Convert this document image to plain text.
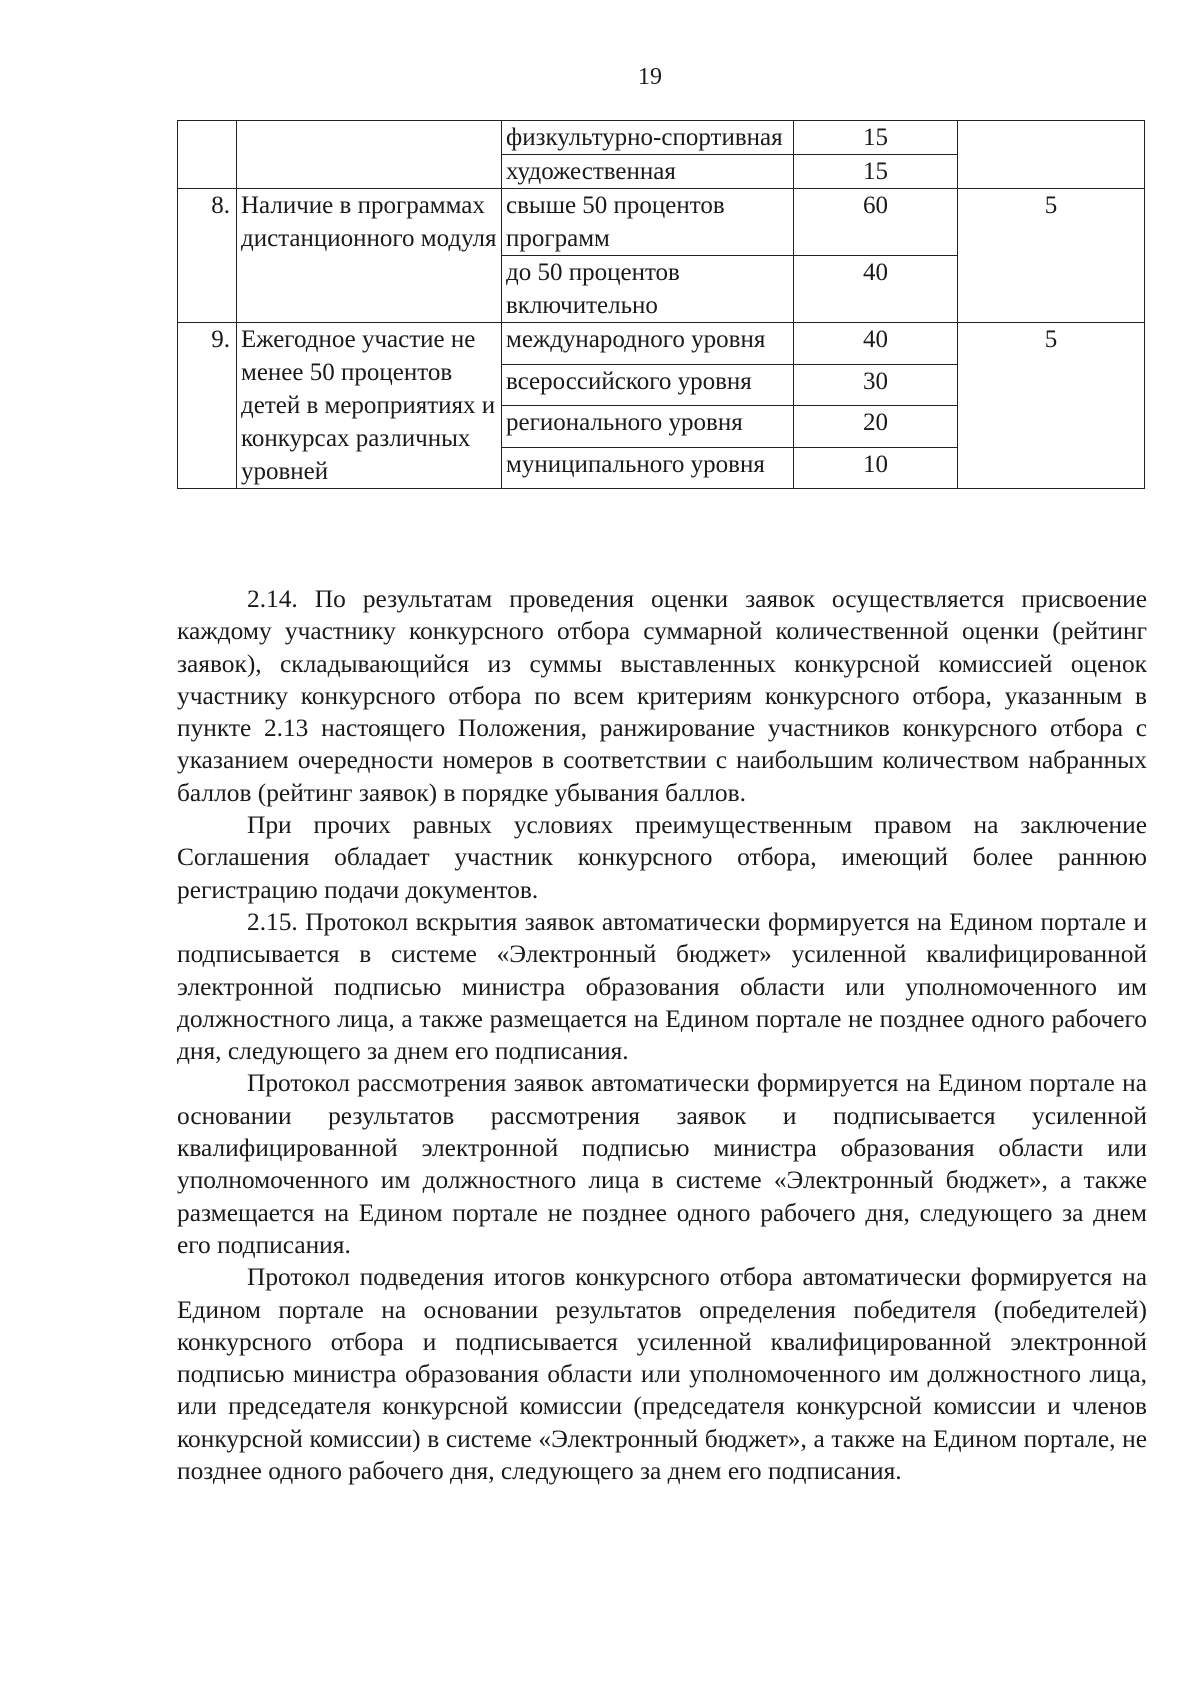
19
		физкультурно-спортивная	15	
		художественная	15	
8.	Наличие в программах дистанционного модуля	свыше 50 процентов программ	60	5
		до 50 процентов включительно	40	
9.	Ежегодное участие не менее 50 процентов детей в мероприятиях и конкурсах различных уровней	международного уровня	40	5
		всероссийского уровня	30	
		регионального уровня	20	
		муниципального уровня	10	

2.14. По результатам проведения оценки заявок осуществляется присвоение каждому участнику конкурсного отбора суммарной количественной оценки (рейтинг заявок), складывающийся из суммы выставленных конкурсной комиссией оценок участнику конкурсного отбора по всем критериям конкурсного отбора, указанным в пункте 2.13 настоящего Положения, ранжирование участников конкурсного отбора с указанием очередности номеров в соответствии с наибольшим количеством набранных баллов (рейтинг заявок) в порядке убывания баллов.

При прочих равных условиях преимущественным правом на заключение Соглашения обладает участник конкурсного отбора, имеющий более раннюю регистрацию подачи документов.

2.15. Протокол вскрытия заявок автоматически формируется на Едином портале и подписывается в системе «Электронный бюджет» усиленной квалифицированной электронной подписью министра образования области или уполномоченного им должностного лица, а также размещается на Едином портале не позднее одного рабочего дня, следующего за днем его подписания.

Протокол рассмотрения заявок автоматически формируется на Едином портале на основании результатов рассмотрения заявок и подписывается усиленной квалифицированной электронной подписью министра образования области или уполномоченного им должностного лица в системе «Электронный бюджет», а также размещается на Едином портале не позднее одного рабочего дня, следующего за днем его подписания.

Протокол подведения итогов конкурсного отбора автоматически формируется на Едином портале на основании результатов определения победителя (победителей) конкурсного отбора и подписывается усиленной квалифицированной электронной подписью министра образования области или уполномоченного им должностного лица, или председателя конкурсной комиссии (председателя конкурсной комиссии и членов конкурсной комиссии) в системе «Электронный бюджет», а также на Едином портале, не позднее одного рабочего дня, следующего за днем его подписания.
